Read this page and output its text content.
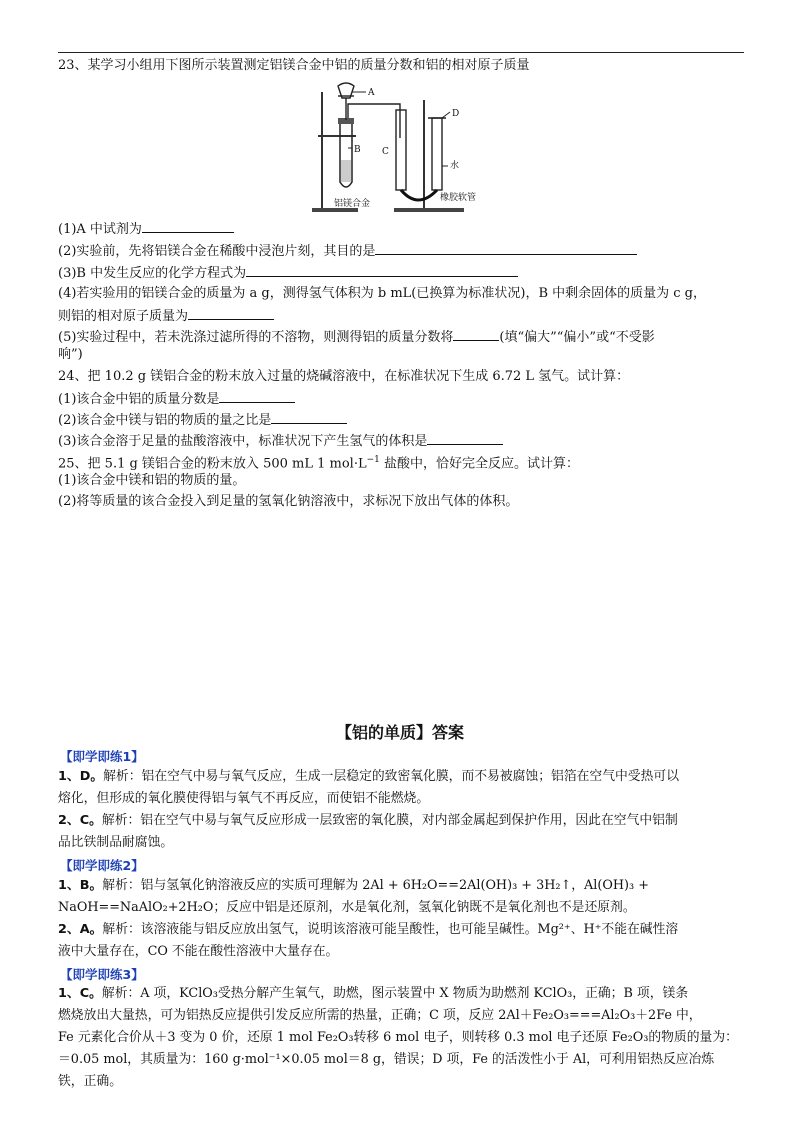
23、某学习小组用下图所示装置测定铝镁合金中铝的质量分数和铝的相对原子质量
A
B C
D
水
铝镁合金
橡胶软管
(1)A 中试剂为
(2)实验前，先将铝镁合金在稀酸中浸泡片刻，其目的是
(3)B 中发生反应的化学方程式为
(4)若实验用的铝镁合金的质量为 a g，测得氢气体积为 b mL(已换算为标准状况)，B 中剩余固体的质量为 c g，
则铝的相对原子质量为
(5)实验过程中，若未洗涤过滤所得的不溶物，则测得铝的质量分数将	(填“偏大”“偏小”或“不受影
响”)
24、把 10.2 g 镁铝合金的粉末放入过量的烧碱溶液中，在标准状况下生成 6.72 L 氢气。试计算：
(1)该合金中铝的质量分数是
(2)该合金中镁与铝的物质的量之比是
(3)该合金溶于足量的盐酸溶液中，标准状况下产生氢气的体积是
25、把 5.1 g 镁铝合金的粉末放入 500 mL 1 $mol\cdot L^{-1}$ 盐酸中，恰好完全反应。试计算：
(1)该合金中镁和铝的物质的量。
(2)将等质量的该合金投入到足量的氢氧化钠溶液中，求标况下放出气体的体积。
【铝的单质】答案
【即学即练1】
1、D。解析：铝在空气中易与氧气反应，生成一层稳定的致密氧化膜，而不易被腐蚀；铝箔在空气中受热可以
熔化，但形成的氧化膜使得铝与氧气不再反应，而使铝不能燃烧。
2、C。解析：铝在空气中易与氧气反应形成一层致密的氧化膜，对内部金属起到保护作用，因此在空气中铝制
品比铁制品耐腐蚀。
【即学即练2】
1、B。解析：铝与氢氧化钠溶液反应的实质可理解为 2Al + 6H₂O==2Al(OH)₃ + 3H₂↑，Al(OH)₃ +
NaOH==NaAlO₂+2H₂O；反应中铝是还原剂，水是氧化剂，氢氧化钠既不是氧化剂也不是还原剂。
2、A。解析：该溶液能与铝反应放出氢气，说明该溶液可能呈酸性，也可能呈碱性。Mg²⁺、H⁺不能在碱性溶
液中大量存在，CO 不能在酸性溶液中大量存在。
【即学即练3】
1、C。解析：A 项，KClO₃受热分解产生氧气，助燃，图示装置中 X 物质为助燃剂 KClO₃，正确；B 项，镁条
燃烧放出大量热，可为铝热反应提供引发反应所需的热量，正确；C 项，反应 2Al＋Fe₂O₃===Al₂O₃＋2Fe 中，
Fe 元素化合价从＋3 变为 0 价，还原 1 mol Fe₂O₃转移 6 mol 电子，则转移 0.3 mol 电子还原 Fe₂O₃的物质的量为：
＝0.05 mol，其质量为：160 g·mol⁻¹×0.05 mol＝8 g，错误；D 项，Fe 的活泼性小于 Al，可利用铝热反应冶炼
铁，正确。
